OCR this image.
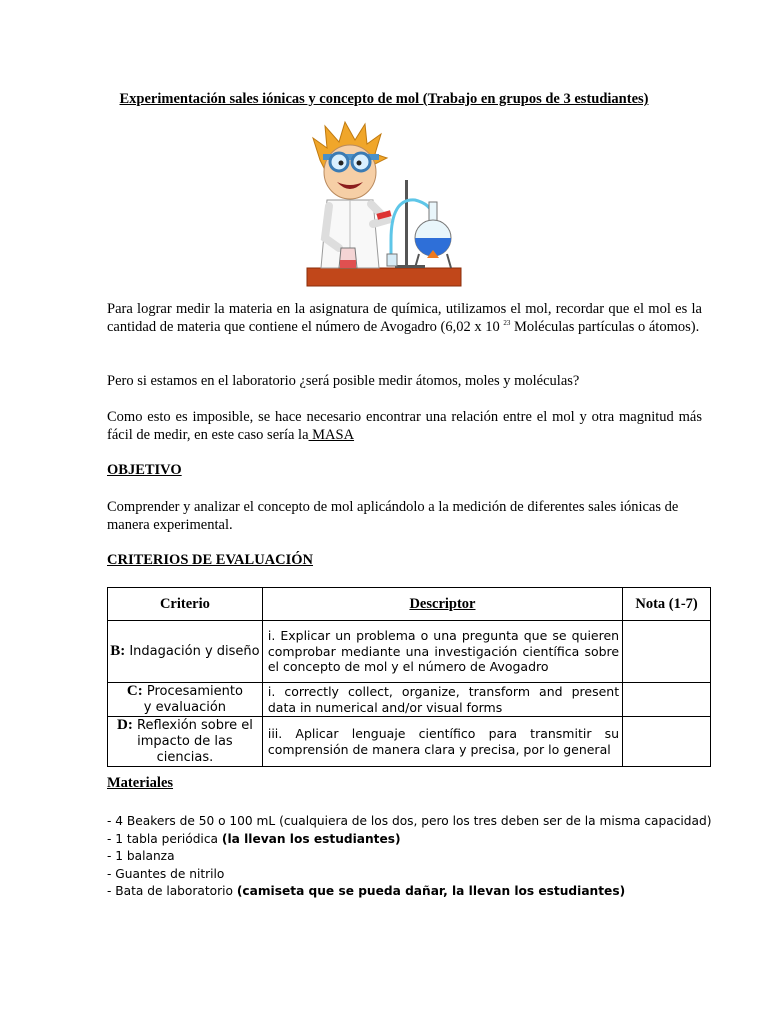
Experimentación sales iónicas y concepto de mol (Trabajo en grupos de 3 estudiantes)
Para lograr medir la materia en la asignatura de química, utilizamos el mol, recordar que el mol es la cantidad de materia que contiene el número de Avogadro (6,02 x 10 $^{23}$ Moléculas partículas o átomos).
Pero si estamos en el laboratorio ¿será posible medir átomos, moles y moléculas?
Como esto es imposible, se hace necesario encontrar una relación entre el mol y otra magnitud más fácil de medir, en este caso sería la MASA
OBJETIVO
Comprender y analizar el concepto de mol aplicándolo a la medición de diferentes sales iónicas de manera experimental.
CRITERIOS DE EVALUACIÓN
Criterio	Descriptor	Nota (1-7)
B: Indagación y diseño	i. Explicar un problema o una pregunta que se quieren comprobar mediante una investigación científica sobre el concepto de mol y el número de Avogadro	
C: Procesamiento
y evaluación	i. correctly collect, organize, transform and present data in numerical and/or visual forms	
D: Reflexión sobre el
impacto de las ciencias.	iii. Aplicar lenguaje científico para transmitir su comprensión de manera clara y precisa, por lo general	
Materiales
- 4 Beakers de 50 o 100 mL (cualquiera de los dos, pero los tres deben ser de la misma capacidad)
- 1 tabla periódica (la llevan los estudiantes)
- 1 balanza
- Guantes de nitrilo
- Bata de laboratorio (camiseta que se pueda dañar, la llevan los estudiantes)
